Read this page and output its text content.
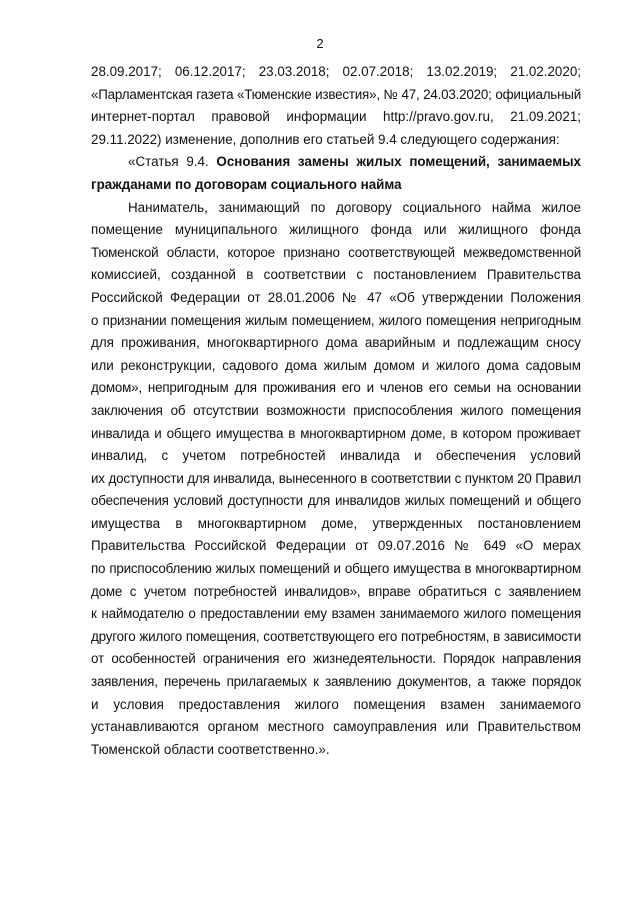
2

28.09.2017; 06.12.2017; 23.03.2018; 02.07.2018; 13.02.2019; 21.02.2020;
«Парламентская газета «Тюменские известия», № 47, 24.03.2020; официальный
интернет-портал правовой информации http://pravo.gov.ru, 21.09.2021;
29.11.2022) изменение, дополнив его статьей 9.4 следующего содержания:

«Статья 9.4. Основания замены жилых помещений, занимаемых
гражданами по договорам социального найма

Наниматель, занимающий по договору социального найма жилое
помещение муниципального жилищного фонда или жилищного фонда
Тюменской области, которое признано соответствующей межведомственной
комиссией, созданной в соответствии с постановлением Правительства
Российской Федерации от 28.01.2006 № 47 «Об утверждении Положения
о признании помещения жилым помещением, жилого помещения непригодным
для проживания, многоквартирного дома аварийным и подлежащим сносу
или реконструкции, садового дома жилым домом и жилого дома садовым
домом», непригодным для проживания его и членов его семьи на основании
заключения об отсутствии возможности приспособления жилого помещения
инвалида и общего имущества в многоквартирном доме, в котором проживает
инвалид, с учетом потребностей инвалида и обеспечения условий
их доступности для инвалида, вынесенного в соответствии с пунктом 20 Правил
обеспечения условий доступности для инвалидов жилых помещений и общего
имущества в многоквартирном доме, утвержденных постановлением
Правительства Российской Федерации от 09.07.2016 № 649 «О мерах
по приспособлению жилых помещений и общего имущества в многоквартирном
доме с учетом потребностей инвалидов», вправе обратиться с заявлением
к наймодателю о предоставлении ему взамен занимаемого жилого помещения
другого жилого помещения, соответствующего его потребностям, в зависимости
от особенностей ограничения его жизнедеятельности. Порядок направления
заявления, перечень прилагаемых к заявлению документов, а также порядок
и условия предоставления жилого помещения взамен занимаемого
устанавливаются органом местного самоуправления или Правительством
Тюменской области соответственно.».
